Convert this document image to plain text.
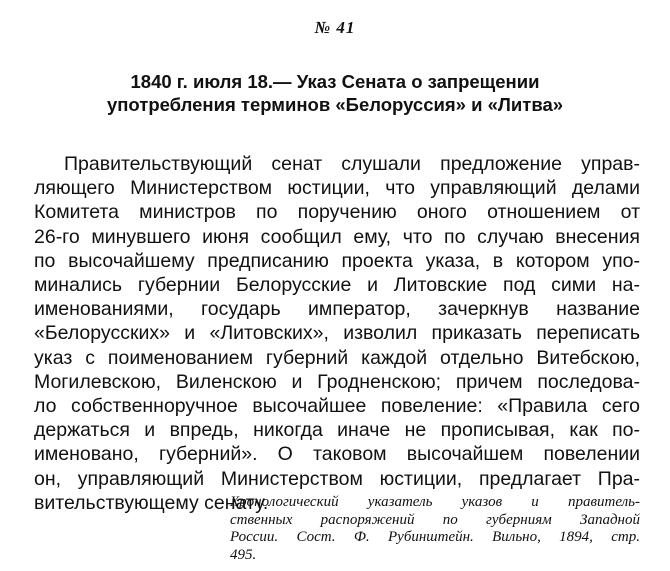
№ 41
1840 г. июля 18.— Указ Сената о запрещении
употребления терминов «Белоруссия» и «Литва»
Правительствующий сенат слушали предложение управ-
ляющего Министерством юстиции, что управляющий делами
Комитета министров по поручению оного отношением от
26-го минувшего июня сообщил ему, что по случаю внесения
по высочайшему предписанию проекта указа, в котором упо-
минались губернии Белорусские и Литовские под сими на-
именованиями, государь император, зачеркнув название
«Белорусских» и «Литовских», изволил приказать переписать
указ с поименованием губерний каждой отдельно Витебскою,
Могилевскою, Виленскою и Гродненскою; причем последова-
ло собственноручное высочайшее повеление: «Правила сего
держаться и впредь, никогда иначе не прописывая, как по-
именовано, губерний». О таковом высочайшем повелении
он, управляющий Министерством юстиции, предлагает Пра-
вительствующему сенату.
Хронологический указатель указов и правитель-
ственных распоряжений по губерниям Западной
России. Сост. Ф. Рубинштейн. Вильно, 1894, стр.
495.
